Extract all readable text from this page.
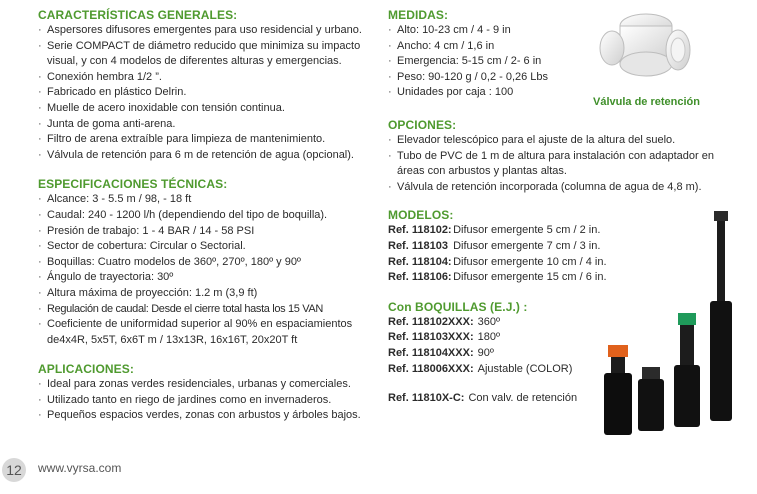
CARACTERÍSTICAS GENERALES:
· Aspersores difusores emergentes para uso residencial y urbano.
· Serie COMPACT de diámetro reducido que minimiza su impacto visual, y con 4 modelos de diferentes alturas y emergencias.
· Conexión hembra 1/2 ”.
· Fabricado en plástico Delrin.
· Muelle de acero inoxidable con tensión continua.
· Junta de goma anti-arena.
· Filtro de arena extraíble para limpieza de mantenimiento.
· Válvula de retención para 6 m de retención de agua (opcional).
ESPECIFICACIONES TÉCNICAS:
· Alcance: 3 - 5.5 m / 98, - 18 ft
· Caudal: 240 - 1200 l/h (dependiendo del tipo de boquilla).
· Presión de trabajo: 1 - 4 BAR / 14 - 58 PSI
· Sector de cobertura: Circular o Sectorial.
· Boquillas: Cuatro modelos de 360º, 270º, 180º y 90º
· Ángulo de trayectoria: 30º
· Altura máxima de proyección: 1.2 m (3,9 ft)
· Regulación de caudal: Desde el cierre total hasta los 15 VAN
· Coeficiente de uniformidad superior al 90% en espaciamientos de4x4R, 5x5T, 6x6T m / 13x13R, 16x16T, 20x20T ft
APLICACIONES:
· Ideal para zonas verdes residenciales, urbanas y comerciales.
· Utilizado tanto en riego de jardines como en invernaderos.
· Pequeños espacios verdes, zonas con arbustos y árboles bajos.
MEDIDAS:
· Alto: 10-23 cm / 4 - 9 in
· Ancho: 4 cm / 1,6 in
· Emergencia: 5-15 cm / 2- 6 in
· Peso: 90-120 g / 0,2 - 0,26 Lbs
· Unidades por caja : 100
OPCIONES:
· Elevador telescópico para el ajuste de la altura del suelo.
· Tubo de PVC de 1 m de altura para instalación con adaptador en áreas con arbustos y plantas altas.
· Válvula de retención incorporada (columna de agua de 4,8 m).
MODELOS:
Ref. 118102: Difusor emergente 5 cm / 2 in.
Ref. 118103 Difusor emergente 7 cm / 3 in.
Ref. 118104: Difusor emergente 10 cm / 4 in.
Ref. 118106: Difusor emergente 15 cm / 6 in.
Con BOQUILLAS (E.J.) :
Ref. 118102XXX: 360º
Ref. 118103XXX: 180º
Ref. 118104XXX: 90º
Ref. 118006XXX: Ajustable (COLOR)
Ref. 11810X-C: Con valv. de retención
Válvula de retención
12	www.vyrsa.com
